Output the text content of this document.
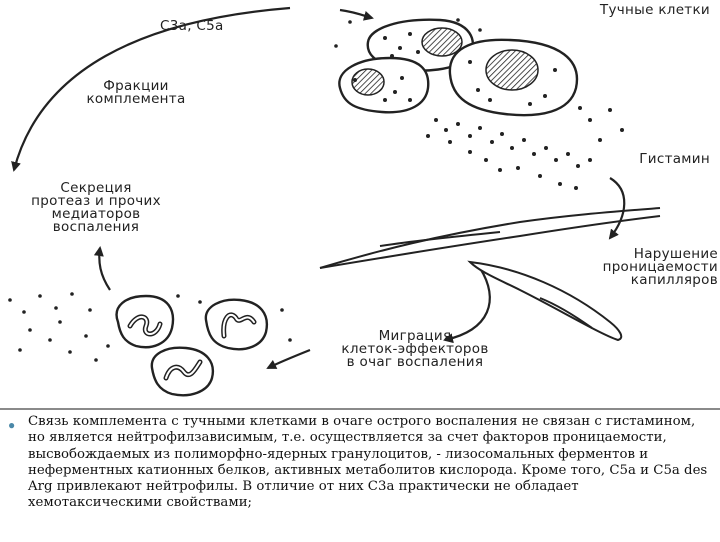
C3a, C5a
Тучные клетки
Фракции
комплемента
Гистамин
Секреция
протеаз и прочих
медиаторов
воспаления
Нарушение
проницаемости
капилляров
Миграция
клеток-эффекторов
в очаг воспаления
● Связь комплемента с тучными клетками в очаге острого воспаления не связан с гистамином, но является нейтрофилзависимым, т.е. осуществляется за счет факторов проницаемости, высвобождаемых из полиморфно-ядерных гранулоцитов, - лизосомальных ферментов и неферментных катионных белков, активных метаболитов кислорода. Кроме того, C5a и C5a des Arg привлекают нейтрофилы. В отличие от них C3a практически не обладает хемотаксическими свойствами;
